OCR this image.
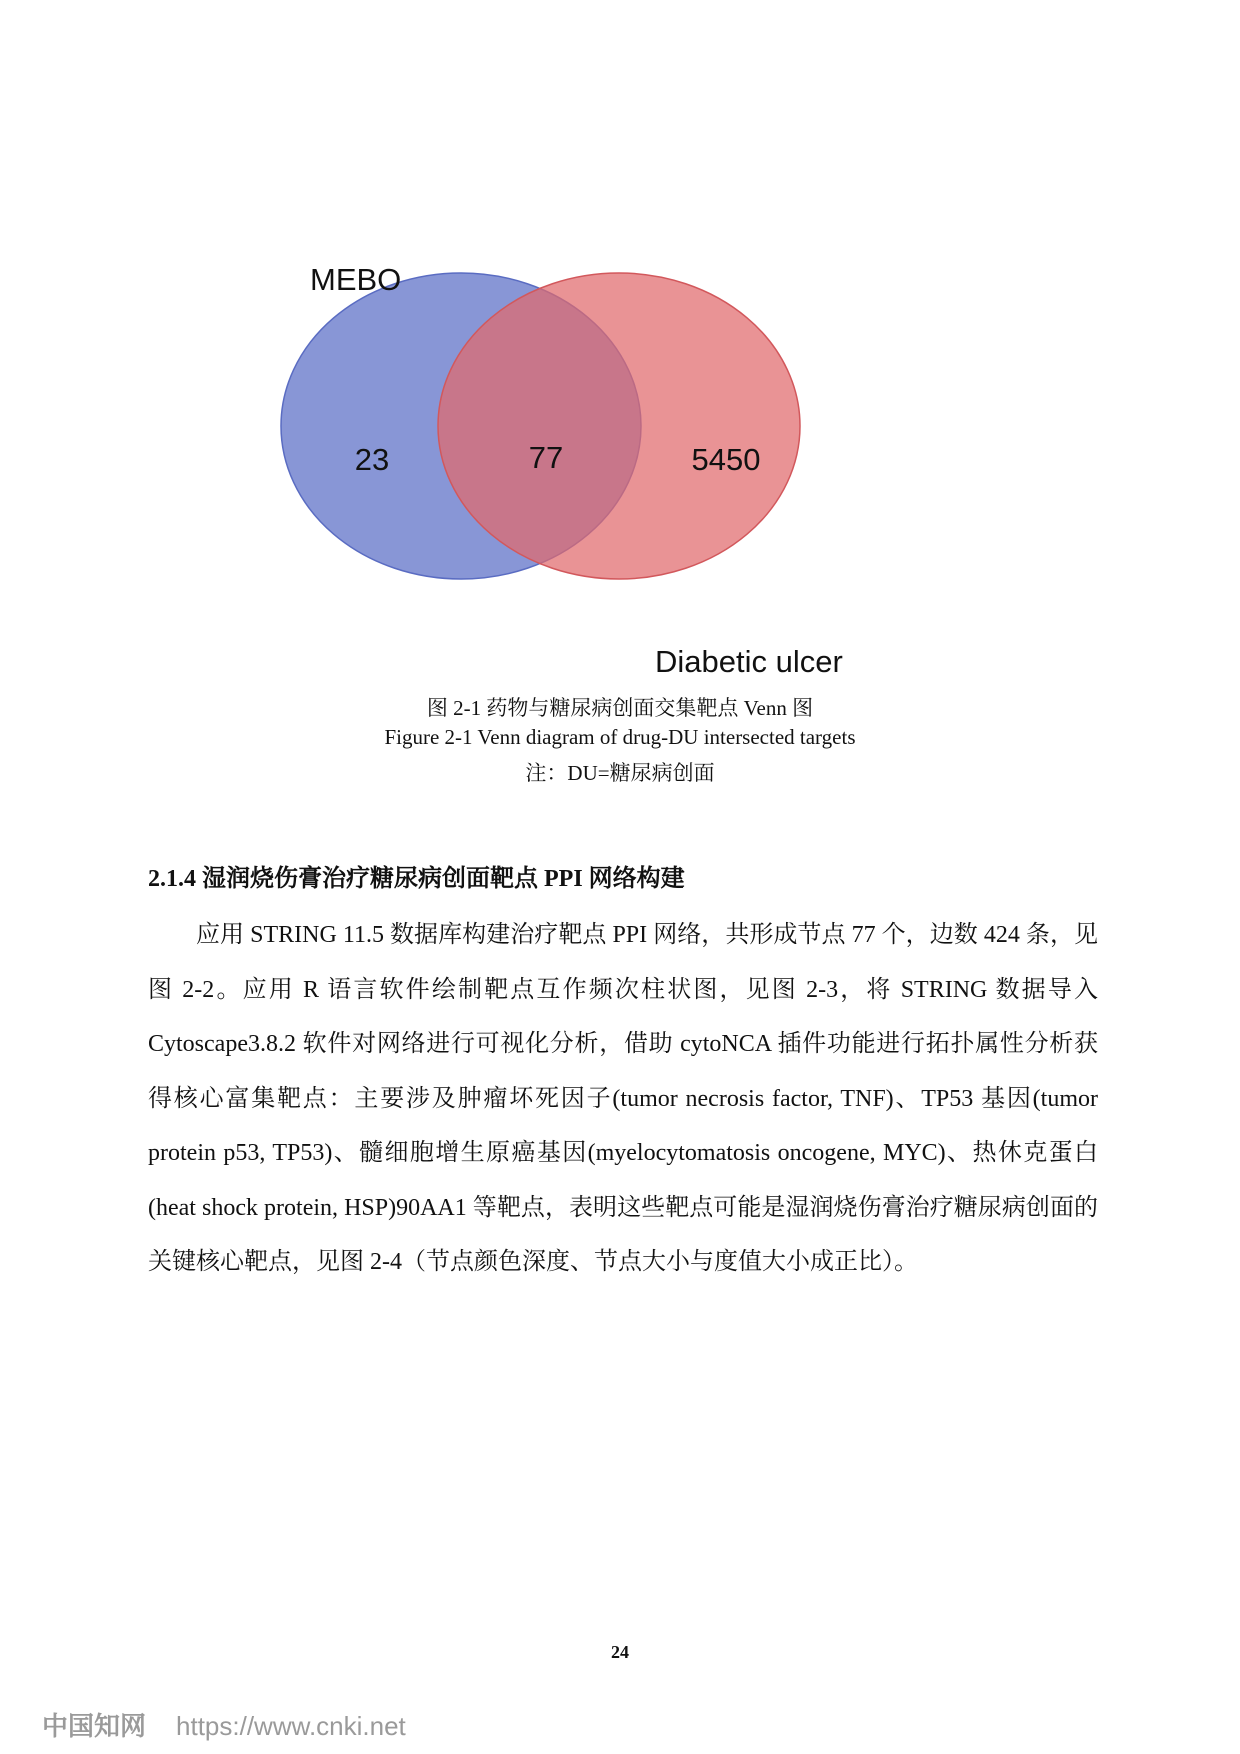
MEBO
Diabetic ulcer
23	77	5450
图 2-1 药物与糖尿病创面交集靶点 Venn 图
Figure 2-1 Venn diagram of drug-DU intersected targets
注：DU=糖尿病创面
2.1.4 湿润烧伤膏治疗糖尿病创面靶点 PPI 网络构建

应用 STRING 11.5 数据库构建治疗靶点 PPI 网络，共形成节点 77 个，边数 424 条，见图 2-2。应用 R 语言软件绘制靶点互作频次柱状图，见图 2-3，将 STRING 数据导入 Cytoscape3.8.2 软件对网络进行可视化分析，借助 cytoNCA 插件功能进行拓扑属性分析获得核心富集靶点：主要涉及肿瘤坏死因子(tumor necrosis factor, TNF)、TP53 基因(tumor protein p53, TP53)、髓细胞增生原癌基因(myelocytomatosis oncogene, MYC)、热休克蛋白(heat shock protein, HSP)90AA1 等靶点，表明这些靶点可能是湿润烧伤膏治疗糖尿病创面的关键核心靶点，见图 2-4（节点颜色深度、节点大小与度值大小成正比）。

24
中国知网 https://www.cnki.net
